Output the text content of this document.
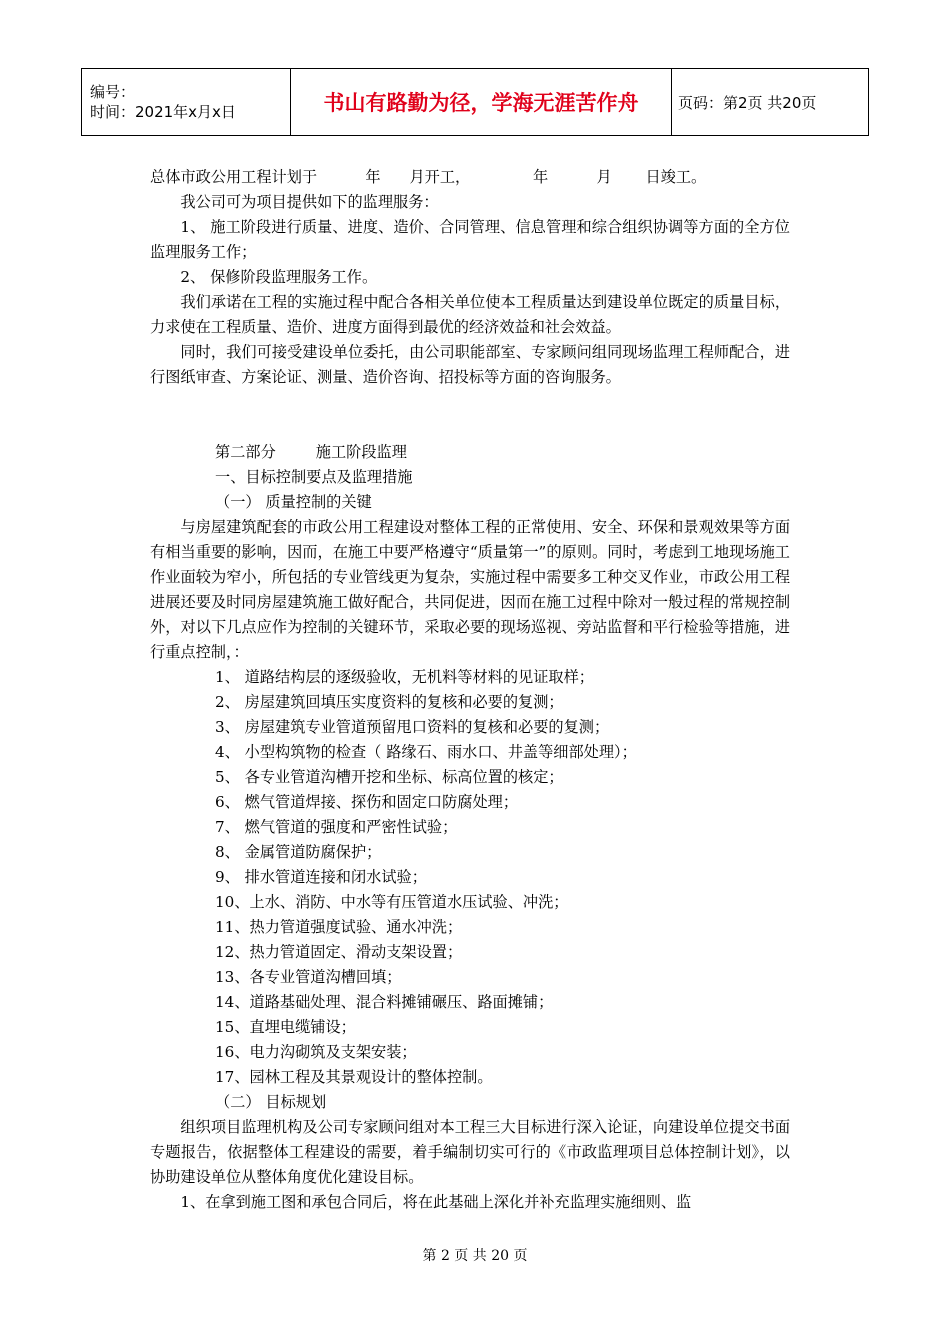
编号：
时间：2021年x月x日	书山有路勤为径，学海无涯苦作舟	页码：第2页 共20页

总体市政公用工程计划于          年      月开工，             年          月       日竣工。

我公司可为项目提供如下的监理服务：

1、 施工阶段进行质量、进度、造价、合同管理、信息管理和综合组织协调等方面的全方位监理服务工作；

2、 保修阶段监理服务工作。

我们承诺在工程的实施过程中配合各相关单位使本工程质量达到建设单位既定的质量目标，力求使在工程质量、造价、进度方面得到最优的经济效益和社会效益。

同时，我们可接受建设单位委托，由公司职能部室、专家顾问组同现场监理工程师配合，进行图纸审查、方案论证、测量、造价咨询、招投标等方面的咨询服务。

第二部分	施工阶段监理

一、目标控制要点及监理措施

（一） 质量控制的关键

与房屋建筑配套的市政公用工程建设对整体工程的正常使用、安全、环保和景观效果等方面有相当重要的影响，因而，在施工中要严格遵守“质量第一”的原则。同时，考虑到工地现场施工作业面较为窄小，所包括的专业管线更为复杂，实施过程中需要多工种交叉作业，市政公用工程进展还要及时同房屋建筑施工做好配合，共同促进，因而在施工过程中除对一般过程的常规控制外，对以下几点应作为控制的关键环节，采取必要的现场巡视、旁站监督和平行检验等措施，进行重点控制，：

1、 道路结构层的逐级验收，无机料等材料的见证取样；

2、 房屋建筑回填压实度资料的复核和必要的复测；

3、 房屋建筑专业管道预留甩口资料的复核和必要的复测；

4、 小型构筑物的检查（ 路缘石、雨水口、井盖等细部处理）；

5、 各专业管道沟槽开挖和坐标、标高位置的核定；

6、 燃气管道焊接、探伤和固定口防腐处理；

7、 燃气管道的强度和严密性试验；

8、 金属管道防腐保护；

9、 排水管道连接和闭水试验；

10、上水、消防、中水等有压管道水压试验、冲洗；

11、热力管道强度试验、通水冲洗；

12、热力管道固定、滑动支架设置；

13、各专业管道沟槽回填；

14、道路基础处理、混合料摊铺碾压、路面摊铺；

15、直埋电缆铺设；

16、电力沟砌筑及支架安装；

17、园林工程及其景观设计的整体控制。

（二） 目标规划

组织项目监理机构及公司专家顾问组对本工程三大目标进行深入论证，向建设单位提交书面专题报告，依据整体工程建设的需要，着手编制切实可行的《市政监理项目总体控制计划》，以协助建设单位从整体角度优化建设目标。

1、在拿到施工图和承包合同后，将在此基础上深化并补充监理实施细则、监

第 2 页 共 20 页
